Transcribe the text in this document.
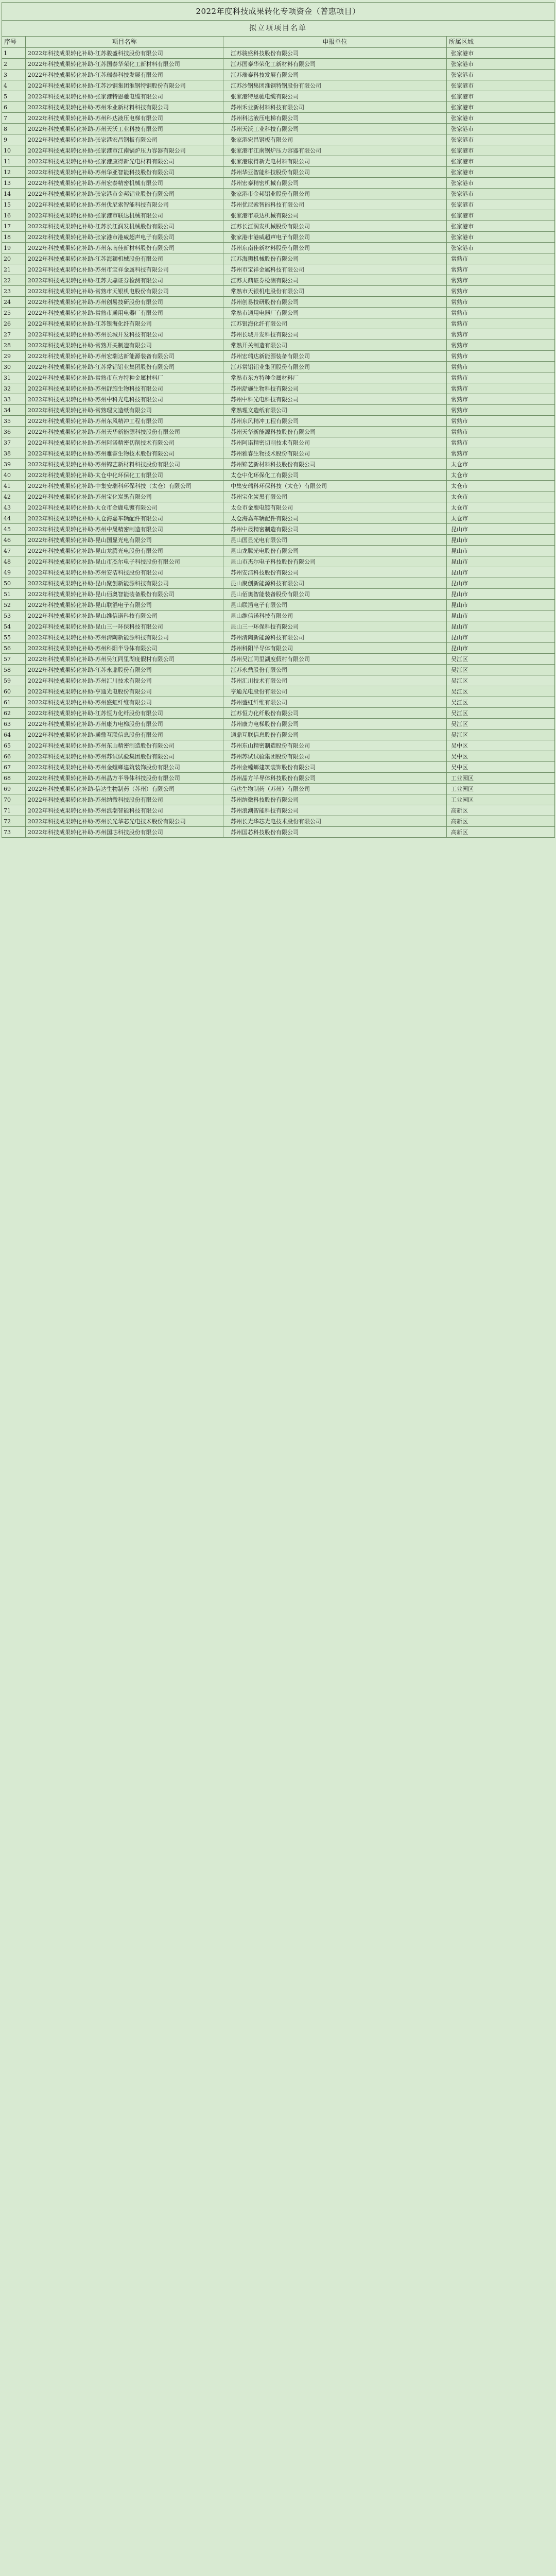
2022年度科技成果转化专项资金（普惠项目）
拟立项项目名单
序号	项目名称	申报单位	所属区域
1	2022年科技成果转化补助-江苏骏盛科技股份有限公司	江苏骏盛科技股份有限公司	张家港市
2	2022年科技成果转化补助-江苏国泰华荣化工新材料有限公司	江苏国泰华荣化工新材料有限公司	张家港市
3	2022年科技成果转化补助-江苏瑞泰科技发展有限公司	江苏瑞泰科技发展有限公司	张家港市
4	2022年科技成果转化补助-江苏沙钢集团淮钢特钢股份有限公司	江苏沙钢集团淮钢特钢股份有限公司	张家港市
5	2022年科技成果转化补助-张家港特恩驰电缆有限公司	张家港特恩驰电缆有限公司	张家港市
6	2022年科技成果转化补助-苏州禾业新材料科技有限公司	苏州禾业新材料科技有限公司	张家港市
7	2022年科技成果转化补助-苏州科达液压电梯有限公司	苏州科达液压电梯有限公司	张家港市
8	2022年科技成果转化补助-苏州天沃工业科技有限公司	苏州天沃工业科技有限公司	张家港市
9	2022年科技成果转化补助-张家港宏昌钢板有限公司	张家港宏昌钢板有限公司	张家港市
10	2022年科技成果转化补助-张家港市江南锅炉压力容器有限公司	张家港市江南锅炉压力容器有限公司	张家港市
11	2022年科技成果转化补助-张家港康得新光电材料有限公司	张家港康得新光电材料有限公司	张家港市
12	2022年科技成果转化补助-苏州华亚智能科技股份有限公司	苏州华亚智能科技股份有限公司	张家港市
13	2022年科技成果转化补助-苏州宏泰精密机械有限公司	苏州宏泰精密机械有限公司	张家港市
14	2022年科技成果转化补助-张家港市金邦铝业股份有限公司	张家港市金邦铝业股份有限公司	张家港市
15	2022年科技成果转化补助-苏州优尼索智能科技有限公司	苏州优尼索智能科技有限公司	张家港市
16	2022年科技成果转化补助-张家港市联达机械有限公司	张家港市联达机械有限公司	张家港市
17	2022年科技成果转化补助-江苏长江润发机械股份有限公司	江苏长江润发机械股份有限公司	张家港市
18	2022年科技成果转化补助-张家港市港威超声电子有限公司	张家港市港威超声电子有限公司	张家港市
19	2022年科技成果转化补助-苏州东南佳新材料股份有限公司	苏州东南佳新材料股份有限公司	张家港市
20	2022年科技成果转化补助-江苏海狮机械股份有限公司	江苏海狮机械股份有限公司	常熟市
21	2022年科技成果转化补助-苏州市宝祥金属科技有限公司	苏州市宝祥金属科技有限公司	常熟市
22	2022年科技成果转化补助-江苏天鼎证券检测有限公司	江苏天鼎证券检测有限公司	常熟市
23	2022年科技成果转化补助-常熟市天银机电股份有限公司	常熟市天银机电股份有限公司	常熟市
24	2022年科技成果转化补助-苏州创易技研股份有限公司	苏州创易技研股份有限公司	常熟市
25	2022年科技成果转化补助-常熟市通用电器厂有限公司	常熟市通用电器厂有限公司	常熟市
26	2022年科技成果转化补助-江苏银海化纤有限公司	江苏银海化纤有限公司	常熟市
27	2022年科技成果转化补助-苏州长城开发科技有限公司	苏州长城开发科技有限公司	常熟市
28	2022年科技成果转化补助-常熟开关制造有限公司	常熟开关制造有限公司	常熟市
29	2022年科技成果转化补助-苏州宏瑞达新能源装备有限公司	苏州宏瑞达新能源装备有限公司	常熟市
30	2022年科技成果转化补助-江苏常铝铝业集团股份有限公司	江苏常铝铝业集团股份有限公司	常熟市
31	2022年科技成果转化补助-常熟市东方特种金属材料厂	常熟市东方特种金属材料厂	常熟市
32	2022年科技成果转化补助-苏州舒施生物科技有限公司	苏州舒施生物科技有限公司	常熟市
33	2022年科技成果转化补助-苏州中科光电科技有限公司	苏州中科光电科技有限公司	常熟市
34	2022年科技成果转化补助-常熟理文造纸有限公司	常熟理文造纸有限公司	常熟市
35	2022年科技成果转化补助-苏州东风精冲工程有限公司	苏州东风精冲工程有限公司	常熟市
36	2022年科技成果转化补助-苏州天华新能源科技股份有限公司	苏州天华新能源科技股份有限公司	常熟市
37	2022年科技成果转化补助-苏州阿诺精密切削技术有限公司	苏州阿诺精密切削技术有限公司	常熟市
38	2022年科技成果转化补助-苏州雅睿生物技术股份有限公司	苏州雅睿生物技术股份有限公司	常熟市
39	2022年科技成果转化补助-苏州锦艺新材料科技股份有限公司	苏州锦艺新材料科技股份有限公司	太仓市
40	2022年科技成果转化补助-太仓中化环保化工有限公司	太仓中化环保化工有限公司	太仓市
41	2022年科技成果转化补助-中集安瑞科环保科技（太仓）有限公司	中集安瑞科环保科技（太仓）有限公司	太仓市
42	2022年科技成果转化补助-苏州宝化炭黑有限公司	苏州宝化炭黑有限公司	太仓市
43	2022年科技成果转化补助-太仓市金鹿电镀有限公司	太仓市金鹿电镀有限公司	太仓市
44	2022年科技成果转化补助-太仓海嘉车辆配件有限公司	太仓海嘉车辆配件有限公司	太仓市
45	2022年科技成果转化补助-苏州中晟精密制造有限公司	苏州中晟精密制造有限公司	昆山市
46	2022年科技成果转化补助-昆山国显光电有限公司	昆山国显光电有限公司	昆山市
47	2022年科技成果转化补助-昆山龙腾光电股份有限公司	昆山龙腾光电股份有限公司	昆山市
48	2022年科技成果转化补助-昆山市杰尔电子科技股份有限公司	昆山市杰尔电子科技股份有限公司	昆山市
49	2022年科技成果转化补助-苏州安洁科技股份有限公司	苏州安洁科技股份有限公司	昆山市
50	2022年科技成果转化补助-昆山聚创新能源科技有限公司	昆山聚创新能源科技有限公司	昆山市
51	2022年科技成果转化补助-昆山佰奥智能装备股份有限公司	昆山佰奥智能装备股份有限公司	昆山市
52	2022年科技成果转化补助-昆山联滔电子有限公司	昆山联滔电子有限公司	昆山市
53	2022年科技成果转化补助-昆山维信诺科技有限公司	昆山维信诺科技有限公司	昆山市
54	2022年科技成果转化补助-昆山三一环保科技有限公司	昆山三一环保科技有限公司	昆山市
55	2022年科技成果转化补助-苏州清陶新能源科技有限公司	苏州清陶新能源科技有限公司	昆山市
56	2022年科技成果转化补助-苏州科阳半导体有限公司	苏州科阳半导体有限公司	昆山市
57	2022年科技成果转化补助-苏州吴江同里湖度假村有限公司	苏州吴江同里湖度假村有限公司	吴江区
58	2022年科技成果转化补助-江苏永鼎股份有限公司	江苏永鼎股份有限公司	吴江区
59	2022年科技成果转化补助-苏州汇川技术有限公司	苏州汇川技术有限公司	吴江区
60	2022年科技成果转化补助-亨通光电股份有限公司	亨通光电股份有限公司	吴江区
61	2022年科技成果转化补助-苏州盛虹纤维有限公司	苏州盛虹纤维有限公司	吴江区
62	2022年科技成果转化补助-江苏恒力化纤股份有限公司	江苏恒力化纤股份有限公司	吴江区
63	2022年科技成果转化补助-苏州康力电梯股份有限公司	苏州康力电梯股份有限公司	吴江区
64	2022年科技成果转化补助-通鼎互联信息股份有限公司	通鼎互联信息股份有限公司	吴江区
65	2022年科技成果转化补助-苏州东山精密制造股份有限公司	苏州东山精密制造股份有限公司	吴中区
66	2022年科技成果转化补助-苏州苏试试验集团股份有限公司	苏州苏试试验集团股份有限公司	吴中区
67	2022年科技成果转化补助-苏州金螳螂建筑装饰股份有限公司	苏州金螳螂建筑装饰股份有限公司	吴中区
68	2022年科技成果转化补助-苏州晶方半导体科技股份有限公司	苏州晶方半导体科技股份有限公司	工业园区
69	2022年科技成果转化补助-信达生物制药（苏州）有限公司	信达生物制药（苏州）有限公司	工业园区
70	2022年科技成果转化补助-苏州纳微科技股份有限公司	苏州纳微科技股份有限公司	工业园区
71	2022年科技成果转化补助-苏州浪潮智能科技有限公司	苏州浪潮智能科技有限公司	高新区
72	2022年科技成果转化补助-苏州长光华芯光电技术股份有限公司	苏州长光华芯光电技术股份有限公司	高新区
73	2022年科技成果转化补助-苏州国芯科技股份有限公司	苏州国芯科技股份有限公司	高新区
